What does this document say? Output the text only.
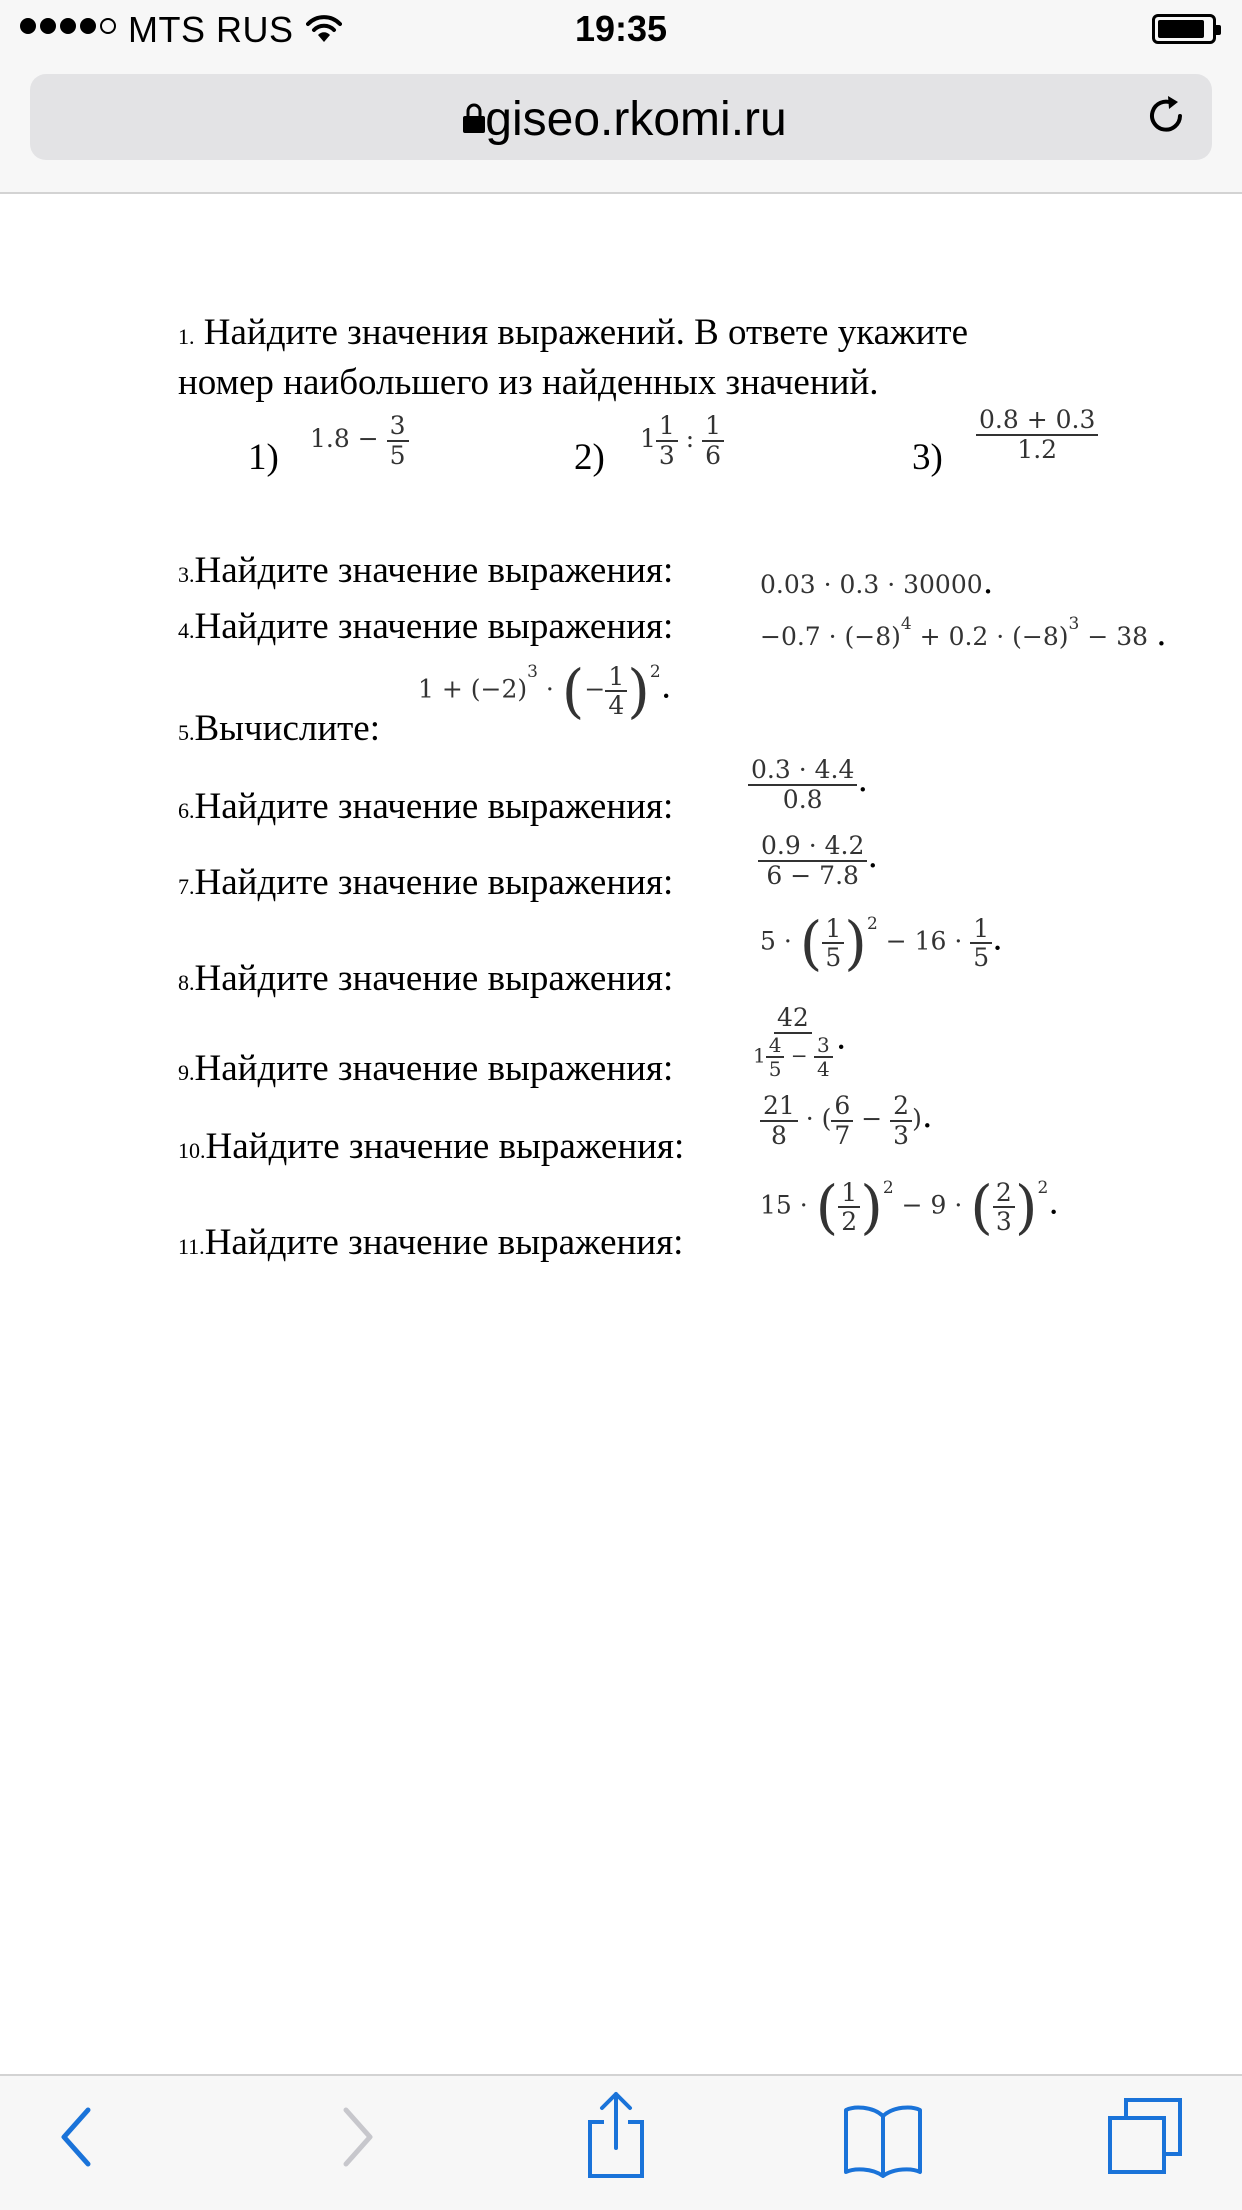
MTS RUS	19:35
giseo.rkomi.ru
1. Найдите значения выражений. В ответе укажите
номер наибольшего из найденных значений.
1) $1.8 - \frac{3}{5}$	2) $1 \frac{1}{3}$ : $\frac{1}{6}$	$3) \frac{0.8 + 0.3}{1.2}$
3.Найдите значение выражения:	0.03 · 0.3 · 30000.
4.Найдите значение выражения:	$-0.7 \cdot (-8)^4 + 0.2 \cdot (-8)^3 - 38$ .
5.Вычислите:
$1 + (-2)^3$ · (− $\frac{1}{4} )^2$.
6.Найдите значение выражения:	$\frac{0.3 \cdot 4.4}{0.8}$ .
7.Найдите значение выражения:	$\frac{0.9 \cdot 4.2}{6 - 7.8}$ .
8.Найдите значение выражения:
5 · ( $\frac{1}{5} )^2 - 16 \cdot \frac{1}{5}$ .
9.Найдите значение выражения:	$\frac{42}{1 \frac{4}{5} - \frac{3}{4}}$ .
10.Найдите значение выражения:	$\frac{21}{8}$ · ( $\frac{6}{7} - \frac{2}{3}$ ).
11.Найдите значение выражения:
15 · ( $\frac{1}{2} )^2 - 9$ · ( $\frac{2}{3} )^2$.
